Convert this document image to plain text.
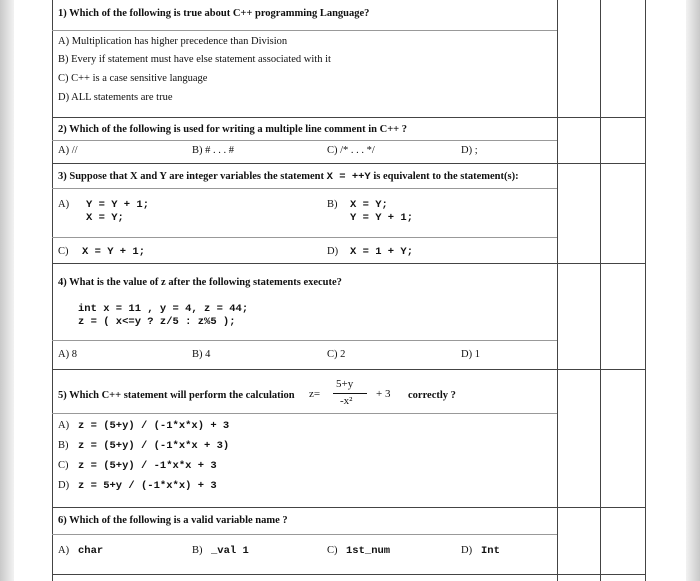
1) Which of the following is true about C++ programming Language?
A) Multiplication has higher precedence than Division
B) Every if statement must have else statement associated with it
C) C++ is a case sensitive language
D) ALL statements are true
2) Which of the following is used for writing a multiple line comment in C++ ?
A) //	B) # . . . #	C) /* . . . */	D) ;
3) Suppose that X and Y are integer variables the statement X = ++Y is equivalent to the statement(s):
A) Y = Y + 1;
X = Y;
B) X = Y;
Y = Y + 1;
C) X = Y + 1;	D) X = 1 + Y;
4) What is the value of z after the following statements execute?
int x = 11 , y = 4, z = 44;
z = ( x<=y ? z/5 : z%5 );
A) 8	B) 4	C) 2	D) 1
5) Which C++ statement will perform the calculation z=
5+y
-x²
+ 3 correctly ?
A) z = (5+y) / (-1*x*x) + 3
B) z = (5+y) / (-1*x*x + 3)
C) z = (5+y) / -1*x*x + 3
D) z = 5+y / (-1*x*x) + 3
6) Which of the following is a valid variable name ?
A) char	B) _val 1	C) 1st_num	D) Int
